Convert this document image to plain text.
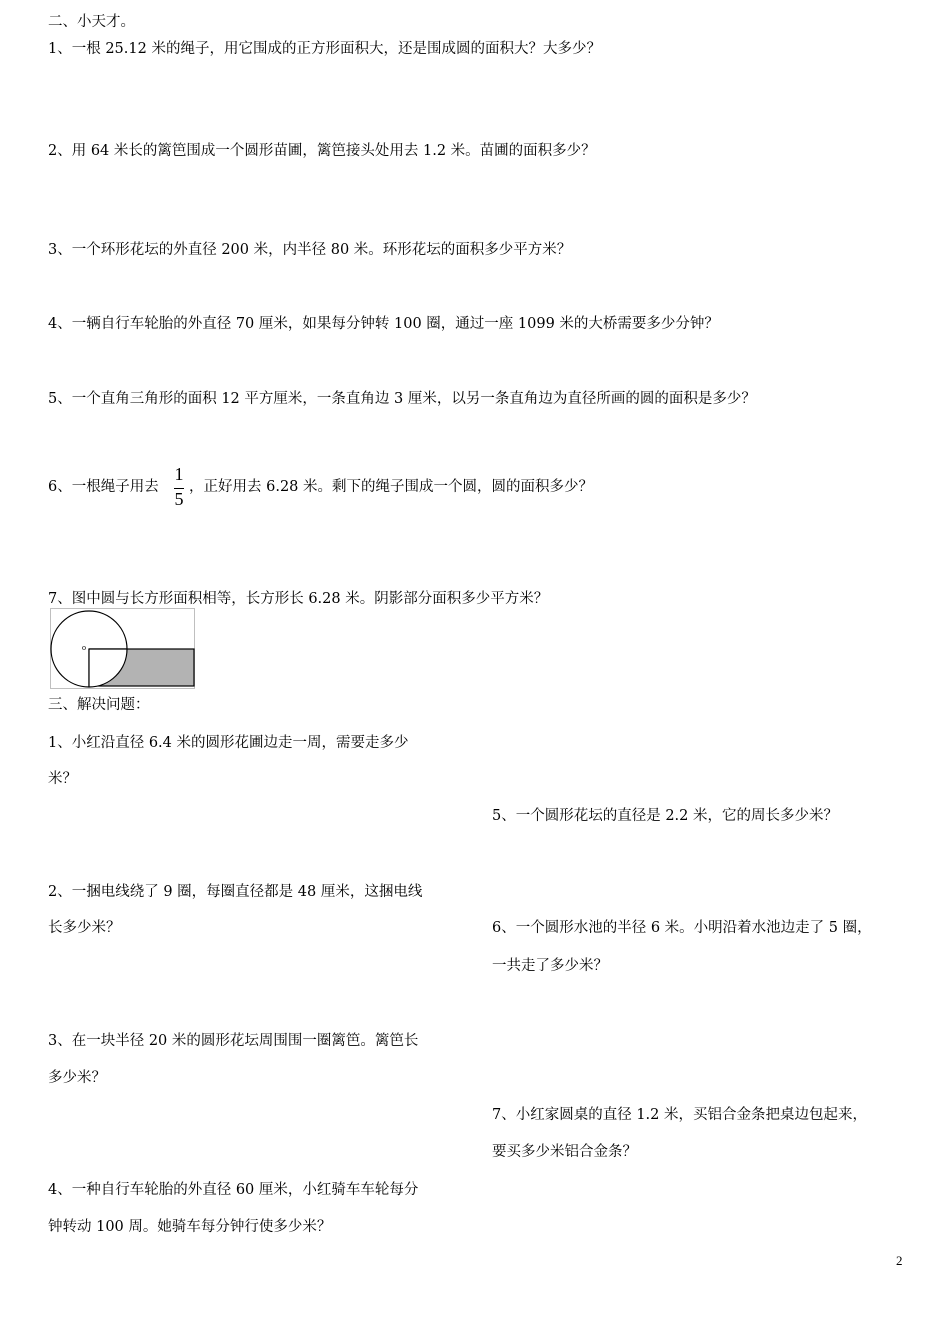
二、小天才。
1、一根 25.12 米的绳子，用它围成的正方形面积大，还是围成圆的面积大？大多少？
2、用 64 米长的篱笆围成一个圆形苗圃，篱笆接头处用去 1.2 米。苗圃的面积多少？
3、一个环形花坛的外直径 200 米，内半径 80 米。环形花坛的面积多少平方米？
4、一辆自行车轮胎的外直径 70 厘米，如果每分钟转 100 圈，通过一座 1099 米的大桥需要多少分钟？
5、一个直角三角形的面积 12 平方厘米，一条直角边 3 厘米，以另一条直角边为直径所画的圆的面积是多少？
6、一根绳子用去
1
5
，正好用去 6.28 米。剩下的绳子围成一个圆，圆的面积多少？
7、图中圆与长方形面积相等，长方形长 6.28 米。阴影部分面积多少平方米？
o
三、解决问题：
1、小红沿直径 6.4 米的圆形花圃边走一周，需要走多少
米？
5、一个圆形花坛的直径是 2.2 米，它的周长多少米？
2、一捆电线绕了 9 圈，每圈直径都是 48 厘米，这捆电线
长多少米？	6、一个圆形水池的半径 6 米。小明沿着水池边走了 5 圈，
一共走了多少米？
3、在一块半径 20 米的圆形花坛周围围一圈篱笆。篱笆长
多少米？
7、小红家圆桌的直径 1.2 米，买铝合金条把桌边包起来，
要买多少米铝合金条？
4、一种自行车轮胎的外直径 60 厘米，小红骑车车轮每分
钟转动 100 周。她骑车每分钟行使多少米？
2
